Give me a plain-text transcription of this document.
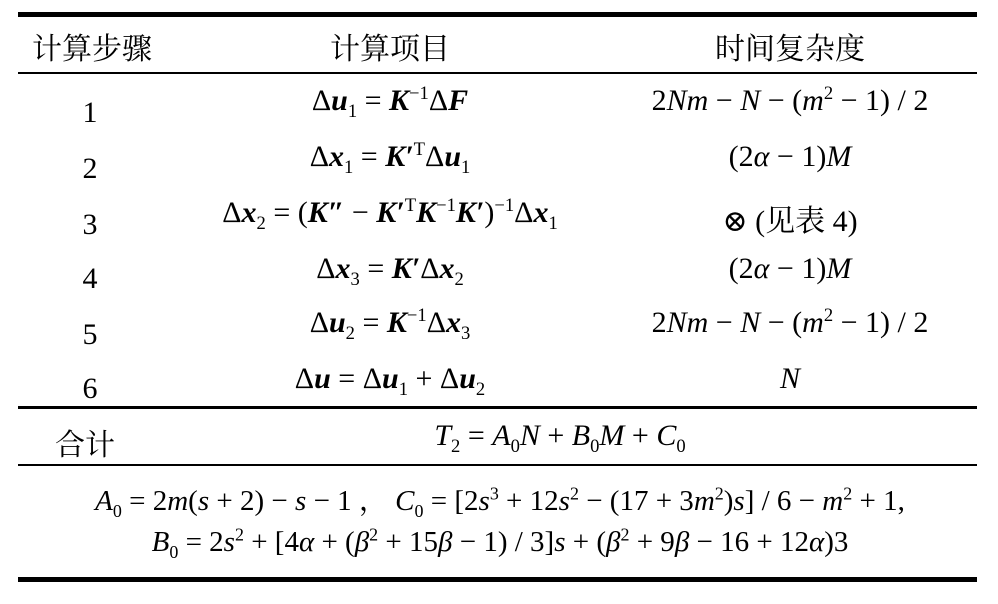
计算步骤	计算项目	时间复杂度
1	$\Delta u_1 = K^{-1}\Delta F$	$2Nm - N - (m^2 - 1) / 2$
2	$\Delta x_1 = K'^T\Delta u_1$	(2α − 1)M
3	$\Delta x_2 = (K'' - K'^TK^{-1}K')^{-1}\Delta x_1$	⊗ (见表 4)
4	$\Delta x_3 = K'\Delta x_2$	(2α − 1)M
5	$\Delta u_2 = K^{-1}\Delta x_3$	$2Nm - N - (m^2 - 1) / 2$
6	$\Delta u = \Delta u_1 + \Delta u_2$	N
合计	$T_2 = A_0N + B_0M + C_0$
$A_0 = 2m(s + 2) - s - 1$ ， $C_0 = [2s^3 + 12s^2 - (17 + 3m^2)s] / 6 - m^2 + 1$,
$B_0 = 2s^2 + [4\alpha + (\beta^2 + 15\beta - 1) / 3]s + (\beta^2 + 9\beta - 16 + 12\alpha)3$
